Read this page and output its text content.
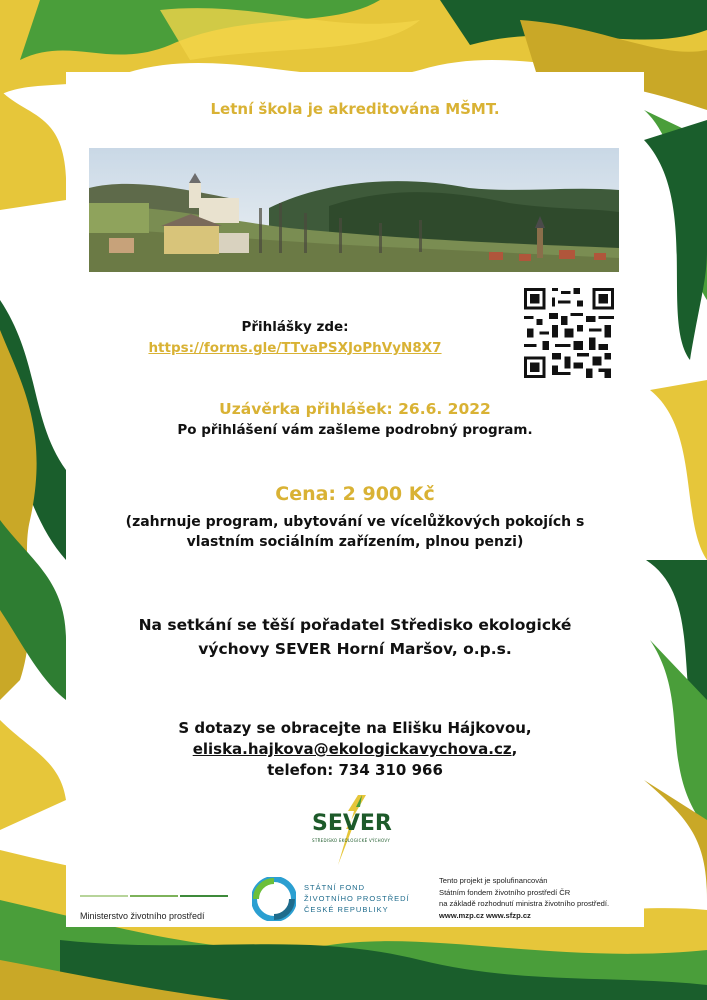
Letní škola je akreditována MŠMT.
Přihlášky zde:
https://forms.gle/TTvaPSXJoPhVyN8X7
Uzávěrka přihlášek: 26.6. 2022
Po přihlášení vám zašleme podrobný program.
Cena: 2 900 Kč
(zahrnuje program, ubytování ve vícelůžkových pokojích s
vlastním sociálním zařízením, plnou penzi)
Na setkání se těší pořadatel Středisko ekologické
výchovy SEVER Horní Maršov, o.p.s.
S dotazy se obracejte na Elišku Hájkovou,
eliska.hajkova@ekologickavychova.cz,
telefon: 734 310 966
SEVER
STŘEDISKO EKOLOGICKÉ VÝCHOVY
Ministerstvo životního prostředí
STÁTNÍ FOND
ŽIVOTNÍHO PROSTŘEDÍ
ČESKÉ REPUBLIKY
Tento projekt je spolufinancován
Státním fondem životního prostředí ČR
na základě rozhodnutí ministra životního prostředí.
www.mzp.cz www.sfzp.cz
